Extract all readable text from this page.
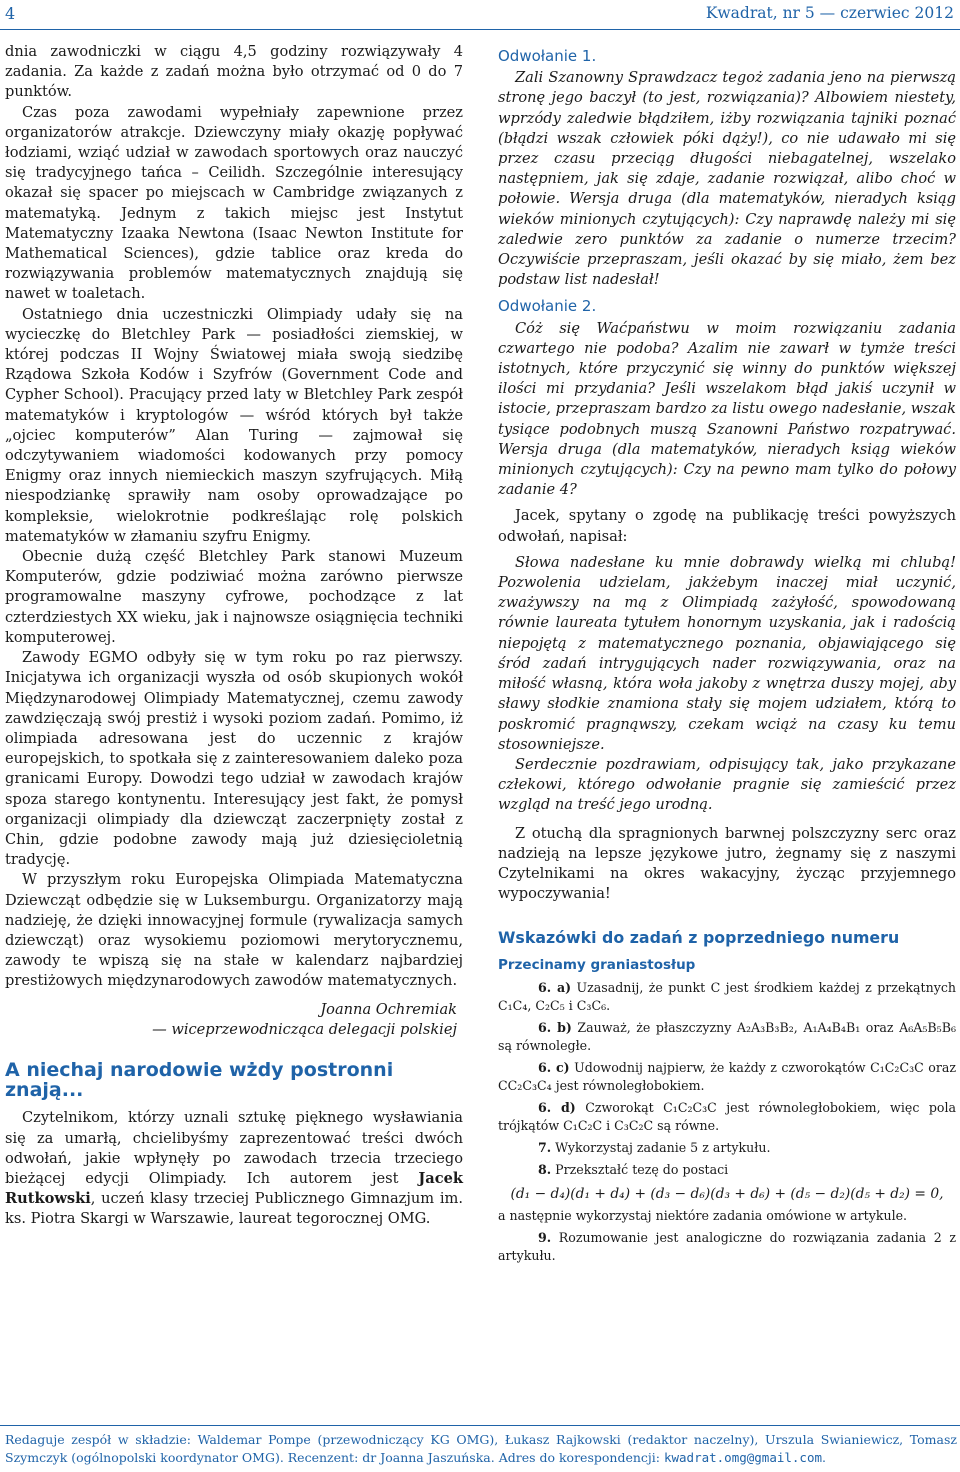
4	Kwadrat, nr 5 — czerwiec 2012

dnia zawodniczki w ciągu 4,5 godziny rozwiązywały 4 zadania. Za każde z zadań można było otrzymać od 0 do 7 punktów.

Czas poza zawodami wypełniały zapewnione przez organizatorów atrakcje. Dziewczyny miały okazję popływać łodziami, wziąć udział w zawodach sportowych oraz nauczyć się tradycyjnego tańca – Ceilidh. Szczególnie interesujący okazał się spacer po miejscach w Cambridge związanych z matematyką. Jednym z takich miejsc jest Instytut Matematyczny Izaaka Newtona (Isaac Newton Institute for Mathematical Sciences), gdzie tablice oraz kreda do rozwiązywania problemów matematycznych znajdują się nawet w toaletach.

Ostatniego dnia uczestniczki Olimpiady udały się na wycieczkę do Bletchley Park — posiadłości ziemskiej, w której podczas II Wojny Światowej miała swoją siedzibę Rządowa Szkoła Kodów i Szyfrów (Government Code and Cypher School). Pracujący przed laty w Bletchley Park zespół matematyków i kryptologów — wśród których był także „ojciec komputerów” Alan Turing — zajmował się odczytywaniem wiadomości kodowanych przy pomocy Enigmy oraz innych niemieckich maszyn szyfrujących. Miłą niespodziankę sprawiły nam osoby oprowadzające po kompleksie, wielokrotnie podkreślając rolę polskich matematyków w złamaniu szyfru Enigmy.

Obecnie dużą część Bletchley Park stanowi Muzeum Komputerów, gdzie podziwiać można zarówno pierwsze programowalne maszyny cyfrowe, pochodzące z lat czterdziestych XX wieku, jak i najnowsze osiągnięcia techniki komputerowej.

Zawody EGMO odbyły się w tym roku po raz pierwszy. Inicjatywa ich organizacji wyszła od osób skupionych wokół Międzynarodowej Olimpiady Matematycznej, czemu zawody zawdzięczają swój prestiż i wysoki poziom zadań. Pomimo, iż olimpiada adresowana jest do uczennic z krajów europejskich, to spotkała się z zainteresowaniem daleko poza granicami Europy. Dowodzi tego udział w zawodach krajów spoza starego kontynentu. Interesujący jest fakt, że pomysł organizacji olimpiady dla dziewcząt zaczerpnięty został z Chin, gdzie podobne zawody mają już dziesięcioletnią tradycję.

W przyszłym roku Europejska Olimpiada Matematyczna Dziewcząt odbędzie się w Luksemburgu. Organizatorzy mają nadzieję, że dzięki innowacyjnej formule (rywalizacja samych dziewcząt) oraz wysokiemu poziomowi merytorycznemu, zawody te wpiszą się na stałe w kalendarz najbardziej prestiżowych międzynarodowych zawodów matematycznych.

Joanna Ochremiak

— wiceprzewodnicząca delegacji polskiej

A niechaj narodowie wżdy postronni znają...

Czytelnikom, którzy uznali sztukę pięknego wysławiania się za umarłą, chcielibyśmy zaprezentować treści dwóch odwołań, jakie wpłynęły po zawodach trzecia trzeciego bieżącej edycji Olimpiady. Ich autorem jest Jacek Rutkowski, uczeń klasy trzeciej Publicznego Gimnazjum im. ks. Piotra Skargi w Warszawie, laureat tegorocznej OMG.

Odwołanie 1.

Zali Szanowny Sprawdzacz tegoż zadania jeno na pierwszą stronę jego baczył (to jest, rozwiązania)? Albowiem niestety, wprzódy zaledwie błądziłem, iżby rozwiązania tajniki poznać (błądzi wszak człowiek póki dąży!), co nie udawało mi się przez czasu przeciąg długości niebagatelnej, wszelako następniem, jak się zdaje, zadanie rozwiązał, alibo choć w połowie. Wersja druga (dla matematyków, nieradych ksiąg wieków minionych czytujących): Czy naprawdę należy mi się zaledwie zero punktów za zadanie o numerze trzecim? Oczywiście przepraszam, jeśli okazać by się miało, żem bez podstaw list nadesłał!

Odwołanie 2.

Cóż się Waćpaństwu w moim rozwiązaniu zadania czwartego nie podoba? Azalim nie zawarł w tymże treści istotnych, które przyczynić się winny do punktów większej ilości mi przydania? Jeśli wszelakom błąd jakiś uczynił w istocie, przepraszam bardzo za listu owego nadesłanie, wszak tysiące podobnych muszą Szanowni Państwo rozpatrywać. Wersja druga (dla matematyków, nieradych ksiąg wieków minionych czytujących): Czy na pewno mam tylko do połowy zadanie 4?

Jacek, spytany o zgodę na publikację treści powyższych odwołań, napisał:

Słowa nadesłane ku mnie dobrawdy wielką mi chlubą! Pozwolenia udzielam, jakżebym inaczej miał uczynić, zważywszy na mą z Olimpiadą zażyłość, spowodowaną równie laureata tytułem honornym uzyskania, jak i radością niepojętą z matematycznego poznania, objawiającego się śród zadań intrygujących nader rozwiązywania, oraz na miłość własną, która woła jakoby z wnętrza duszy mojej, aby sławy słodkie znamiona stały się mojem udziałem, którą to poskromić pragnąwszy, czekam wciąż na czasy ku temu stosowniejsze.

Serdecznie pozdrawiam, odpisujący tak, jako przykazane człekowi, którego odwołanie pragnie się zamieścić przez wzgląd na treść jego urodną.

Z otuchą dla spragnionych barwnej polszczyzny serc oraz nadzieją na lepsze językowe jutro, żegnamy się z naszymi Czytelnikami na okres wakacyjny, życząc przyjemnego wypoczywania!

Wskazówki do zadań z poprzedniego numeru
Przecinamy graniastosłup

6. a) Uzasadnij, że punkt C jest środkiem każdej z przekątnych C₁C₄, C₂C₅ i C₃C₆.

6. b) Zauważ, że płaszczyzny A₂A₃B₃B₂, A₁A₄B₄B₁ oraz A₆A₅B₅B₆ są równoległe.

6. c) Udowodnij najpierw, że każdy z czworokątów C₁C₂C₃C oraz CC₂C₃C₄ jest równoległobokiem.

6. d) Czworokąt C₁C₂C₃C jest równoległobokiem, więc pola trójkątów C₁C₂C i C₃C₂C są równe.

7. Wykorzystaj zadanie 5 z artykułu.

8. Przekształć tezę do postaci

(d₁ − d₄)(d₁ + d₄) + (d₃ − d₆)(d₃ + d₆) + (d₅ − d₂)(d₅ + d₂) = 0,

a następnie wykorzystaj niektóre zadania omówione w artykule.

9. Rozumowanie jest analogiczne do rozwiązania zadania 2 z artykułu.

Redaguje zespół w składzie: Waldemar Pompe (przewodniczący KG OMG), Łukasz Rajkowski (redaktor naczelny), Urszula Swianiewicz, Tomasz Szymczyk (ogólnopolski koordynator OMG). Recenzent: dr Joanna Jaszuńska. Adres do korespondencji: kwadrat.omg@gmail.com.
